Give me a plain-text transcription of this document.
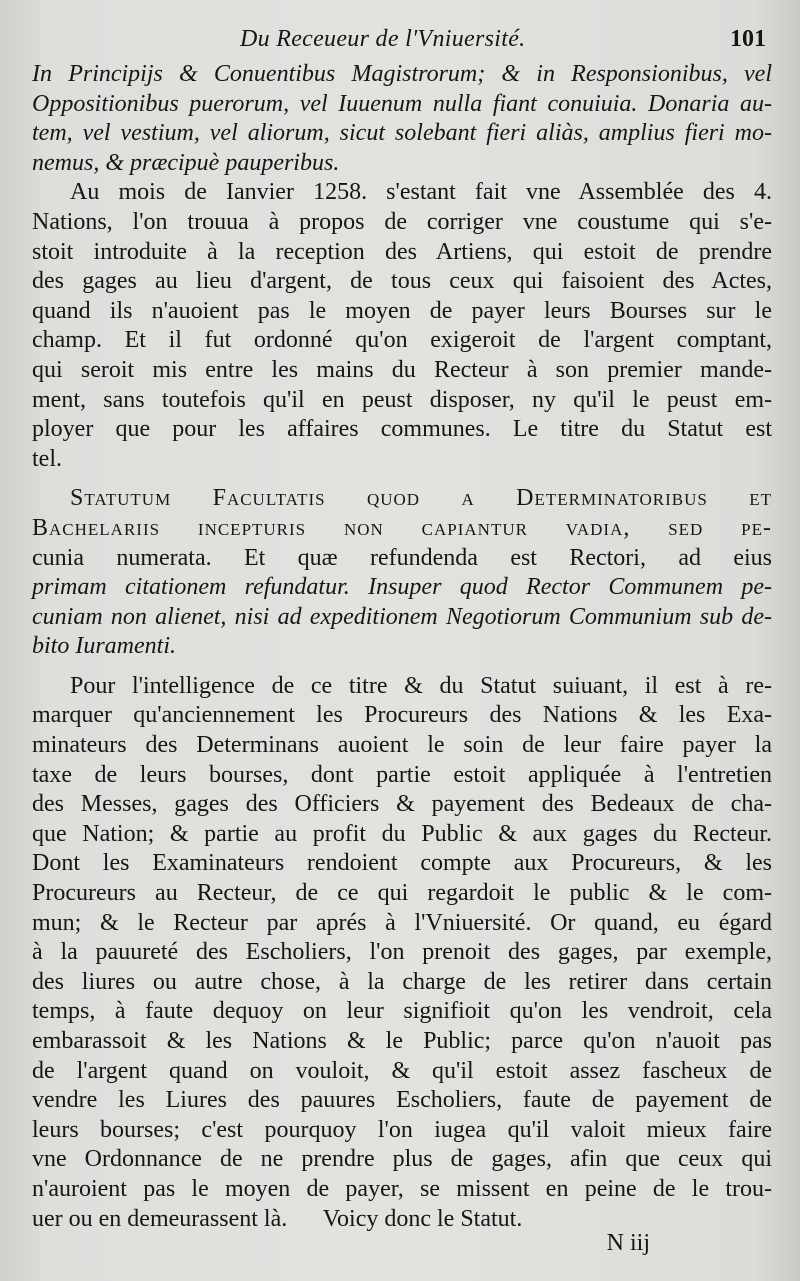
Du Receueur de l'Vniuersité.	101
In Principijs & Conuentibus Magistrorum; & in Responsionibus, vel
Oppositionibus puerorum, vel Iuuenum nulla fiant conuiuia. Donaria au-
tem, vel vestium, vel aliorum, sicut solebant fieri aliàs, amplius fieri mo-
nemus, & præcipuè pauperibus.
Au mois de Ianvier 1258. s'estant fait vne Assemblée des 4.
Nations, l'on trouua à propos de corriger vne coustume qui s'e-
stoit introduite à la reception des Artiens, qui estoit de prendre
des gages au lieu d'argent, de tous ceux qui faisoient des Actes,
quand ils n'auoient pas le moyen de payer leurs Bourses sur le
champ. Et il fut ordonné qu'on exigeroit de l'argent comptant,
qui seroit mis entre les mains du Recteur à son premier mande-
ment, sans toutefois qu'il en peust disposer, ny qu'il le peust em-
ployer que pour les affaires communes. Le titre du Statut est
tel.
Statutum Facultatis quod a Determinatoribus et
Bachelariis incepturis non capiantur vadia, sed pe-
cunia numerata. Et quæ refundenda est Rectori, ad eius
primam citationem refundatur. Insuper quod Rector Communem pe-
cuniam non alienet, nisi ad expeditionem Negotiorum Communium sub de-
bito Iuramenti.
Pour l'intelligence de ce titre & du Statut suiuant, il est à re-
marquer qu'anciennement les Procureurs des Nations & les Exa-
minateurs des Determinans auoient le soin de leur faire payer la
taxe de leurs bourses, dont partie estoit appliquée à l'entretien
des Messes, gages des Officiers & payement des Bedeaux de cha-
que Nation; & partie au profit du Public & aux gages du Recteur.
Dont les Examinateurs rendoient compte aux Procureurs, & les
Procureurs au Recteur, de ce qui regardoit le public & le com-
mun; & le Recteur par aprés à l'Vniuersité. Or quand, eu égard
à la pauureté des Escholiers, l'on prenoit des gages, par exemple,
des liures ou autre chose, à la charge de les retirer dans certain
temps, à faute dequoy on leur signifioit qu'on les vendroit, cela
embarassoit & les Nations & le Public; parce qu'on n'auoit pas
de l'argent quand on vouloit, & qu'il estoit assez fascheux de
vendre les Liures des pauures Escholiers, faute de payement de
leurs bourses; c'est pourquoy l'on iugea qu'il valoit mieux faire
vne Ordonnance de ne prendre plus de gages, afin que ceux qui
n'auroient pas le moyen de payer, se missent en peine de le trou-
uer ou en demeurassent là.      Voicy donc le Statut.
N iij
